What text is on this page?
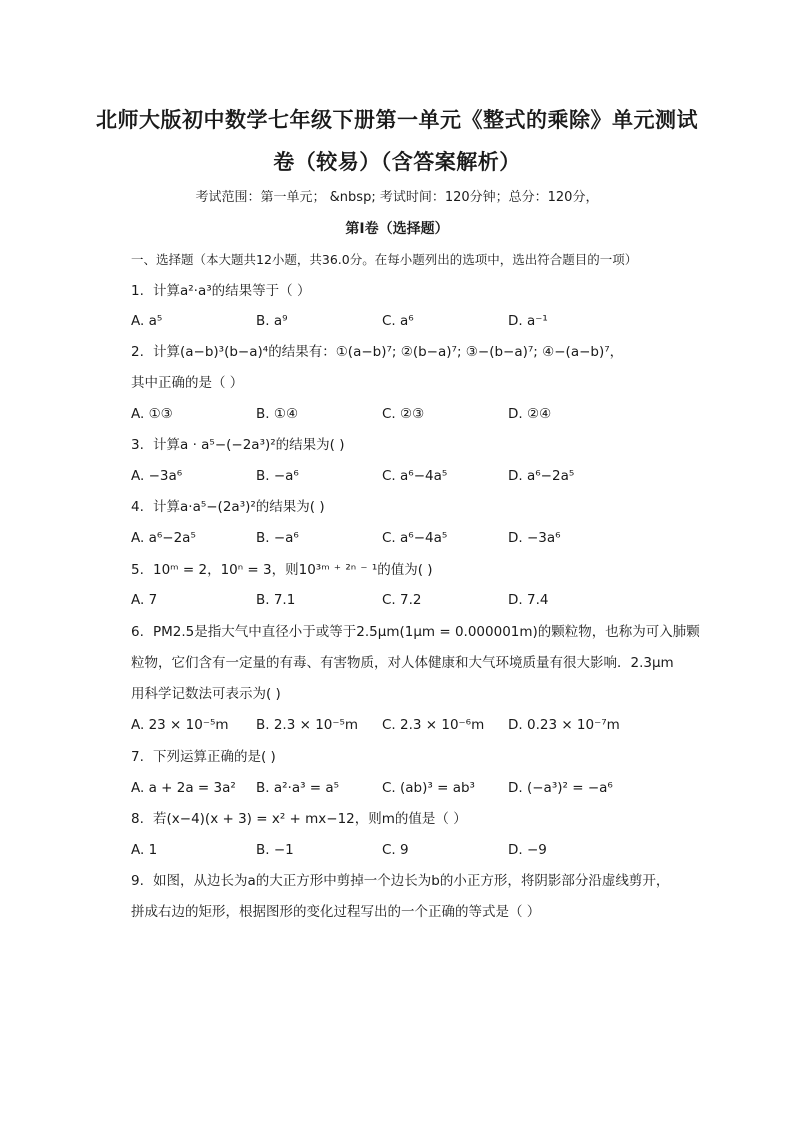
北师大版初中数学七年级下册第一单元《整式的乘除》单元测试
卷（较易）（含答案解析）
考试范围：第一单元； &nbsp; 考试时间：120分钟；总分：120分，
第I卷（选择题）
一、选择题（本大题共12小题，共36.0分。在每小题列出的选项中，选出符合题目的一项）
1. 计算a²·a³的结果等于（ ）
A. a⁵	B. a⁹	C. a⁶	D. a⁻¹
2. 计算(a−b)³(b−a)⁴的结果有：①(a−b)⁷; ②(b−a)⁷; ③−(b−a)⁷; ④−(a−b)⁷，
其中正确的是（ ）
A. ①③	B. ①④	C. ②③	D. ②④
3. 计算a · a⁵−(−2a³)²的结果为( )
A. −3a⁶	B. −a⁶	C. a⁶−4a⁵	D. a⁶−2a⁵
4. 计算a·a⁵−(2a³)²的结果为( )
A. a⁶−2a⁵	B. −a⁶	C. a⁶−4a⁵	D. −3a⁶
5. 10ᵐ = 2，10ⁿ = 3，则10³ᵐ ⁺ ²ⁿ ⁻ ¹的值为( )
A. 7	B. 7.1	C. 7.2	D. 7.4
6. PM2.5是指大气中直径小于或等于2.5μm(1μm = 0.000001m)的颗粒物，也称为可入肺颗
粒物，它们含有一定量的有毒、有害物质，对人体健康和大气环境质量有很大影响．2.3μm
用科学记数法可表示为( )
A. 23 × 10⁻⁵m B. 2.3 × 10⁻⁵m C. 2.3 × 10⁻⁶m D. 0.23 × 10⁻⁷m
7. 下列运算正确的是( )
A. a + 2a = 3a² B. a²·a³ = a⁵	C. (ab)³ = ab³ D. (−a³)² = −a⁶
8. 若(x−4)(x + 3) = x² + mx−12，则m的值是（ ）
A. 1	B. −1	C. 9	D. −9
9. 如图，从边长为a的大正方形中剪掉一个边长为b的小正方形，将阴影部分沿虚线剪开，
拼成右边的矩形，根据图形的变化过程写出的一个正确的等式是（ ）
